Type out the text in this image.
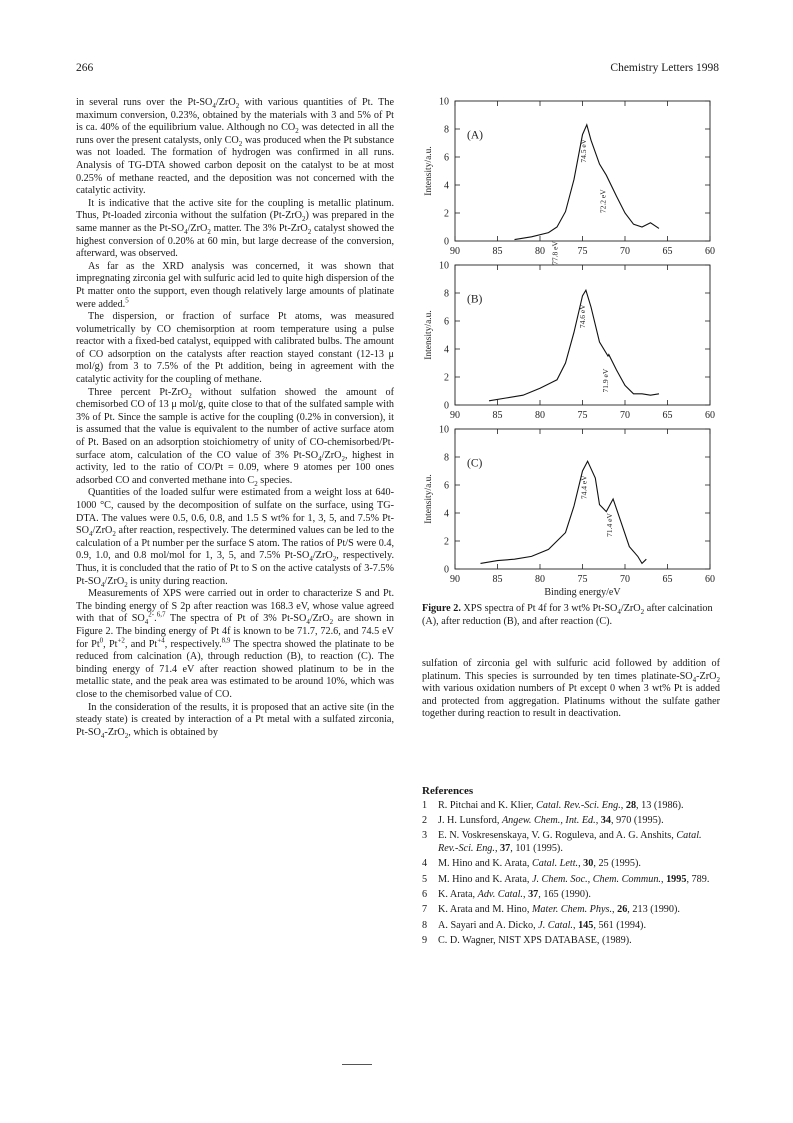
266	Chemistry Letters 1998

in several runs over the $Pt-SO_4/ZrO_2$ with various quantities of Pt. The maximum conversion, 0.23%, obtained by the materials with 3 and 5% of Pt is ca. 40% of the equilibrium value. Although no $CO_2$ was detected in all the runs over the present catalysts, only $CO_2$ was produced when the Pt substance was not loaded. The formation of hydrogen was confirmed in all runs. Analysis of TG-DTA showed carbon deposit on the catalyst to be at most 0.25% of methane reacted, and the deposition was not concerned with the catalytic activity.

It is indicative that the active site for the coupling is metallic platinum. Thus, Pt-loaded zirconia without the sulfation (Pt-ZrO$_2$) was prepared in the same manner as the $Pt-SO_4/ZrO_2$ matter. The 3% Pt-ZrO$_2$ catalyst showed the highest conversion of 0.20% at 60 min, but large decrease of the conversion, afterward, was observed.

As far as the XRD analysis was concerned, it was shown that impregnating zirconia gel with sulfuric acid led to quite high dispersion of the Pt matter onto the support, even though relatively large amounts of platinate were added.$^5$

The dispersion, or fraction of surface Pt atoms, was measured volumetrically by CO chemisorption at room temperature using a pulse reactor with a fixed-bed catalyst, equipped with calibrated bulbs. The amount of CO adsorption on the catalysts after reaction stayed constant (12-13 μ mol/g) from 3 to 7.5% of the Pt addition, being in agreement with the catalytic activity for the coupling of methane.

Three percent Pt-ZrO$_2$ without sulfation showed the amount of chemisorbed CO of 13 μ mol/g, quite close to that of the sulfated sample with 3% of Pt. Since the sample is active for the coupling (0.2% in conversion), it is assumed that the value is equivalent to the number of active surface atom of Pt. Based on an adsorption stoichiometry of unity of CO-chemisorbed/Pt-surface atom, calculation of the CO value of 3% $Pt-SO_4/ZrO_2$, highest in activity, led to the ratio of CO/Pt = 0.09, where 9 atomes per 100 ones adsorbed CO and converted methane into $C_2$ species.

Quantities of the loaded sulfur were estimated from a weight loss at 640-1000 °C, caused by the decomposition of sulfate on the surface, using TG-DTA. The values were 0.5, 0.6, 0.8, and 1.5 S wt% for 1, 3, 5, and 7.5% $Pt-SO_4/ZrO_2$ after reaction, respectively. The determined values can be led to the calculation of a Pt number per the surface S atom. The ratios of Pt/S were 0.4, 0.9, 1.0, and 0.8 mol/mol for 1, 3, 5, and 7.5% $Pt-SO_4/ZrO_2$, respectively. Thus, it is concluded that the ratio of Pt to S on the active catalysts of 3-7.5% $Pt-SO_4/ZrO_2$ is unity during reaction.

Measurements of XPS were carried out in order to characterize S and Pt. The binding energy of S 2p after reaction was 168.3 eV, whose value agreed with that of $SO_4^{2-}.^{6,7}$ The spectra of Pt of 3% $Pt-SO_4/ZrO_2$ are shown in Figure 2. The binding energy of Pt 4f is known to be 71.7, 72.6, and 74.5 eV for Pt$^0$, $Pt^{+2}$, and $Pt^{+4}$, respectively.$^{8,9}$ The spectra showed the platinate to be reduced from calcination (A), through reduction (B), to reaction (C). The binding energy of 71.4 eV after reaction showed platinum to be in the metallic state, and the peak area was estimated to be around 10%, which was close to the chemisorbed value of CO.

In the consideration of the results, it is proposed that an active site (in the steady state) is created by interaction of a Pt metal with a sulfated zirconia, $Pt-SO_4-ZrO_2$, which is obtained by

sulfation of zirconia gel with sulfuric acid followed by addition of platinum. This species is surrounded by ten times platinate-$SO_4-ZrO_2$ with various oxidation numbers of Pt except 0 when 3 wt% Pt is added and protected from aggregation. Platinums without the sulfate gather together during reaction to result in deactivation.

0
2
4
6
8
10
90	85	80	75	70	65	60
Intensity/a.u.
(A)
77.8 eV
74.5 eV
72.2 eV
0
2
4
6
8
10
90	85	80	75	70	65	60
Intensity/a.u.
(B)
74.6 eV
71.9 eV
0
2
4
6
8
10
90	85	80	75	70	65	60
Intensity/a.u.
(C)
74.4 eV
71.4 eV
Binding energy/eV
Figure 2. XPS spectra of Pt 4f for 3 wt% $Pt-SO_4/ZrO_2$ after calcination (A), after reduction (B), and after reaction (C).
References
1 R. Pitchai and K. Klier, Catal. Rev.-Sci. Eng., 28, 13 (1986).
2 J. H. Lunsford, Angew. Chem., Int. Ed., 34, 970 (1995).
3 E. N. Voskresenskaya, V. G. Roguleva, and A. G. Anshits, Catal. Rev.-Sci. Eng., 37, 101 (1995).
4 M. Hino and K. Arata, Catal. Lett., 30, 25 (1995).
5 M. Hino and K. Arata, J. Chem. Soc., Chem. Commun., 1995, 789.
6 K. Arata, Adv. Catal., 37, 165 (1990).
7 K. Arata and M. Hino, Mater. Chem. Phys., 26, 213 (1990).
8 A. Sayari and A. Dicko, J. Catal., 145, 561 (1994).
9 C. D. Wagner, NIST XPS DATABASE, (1989).
